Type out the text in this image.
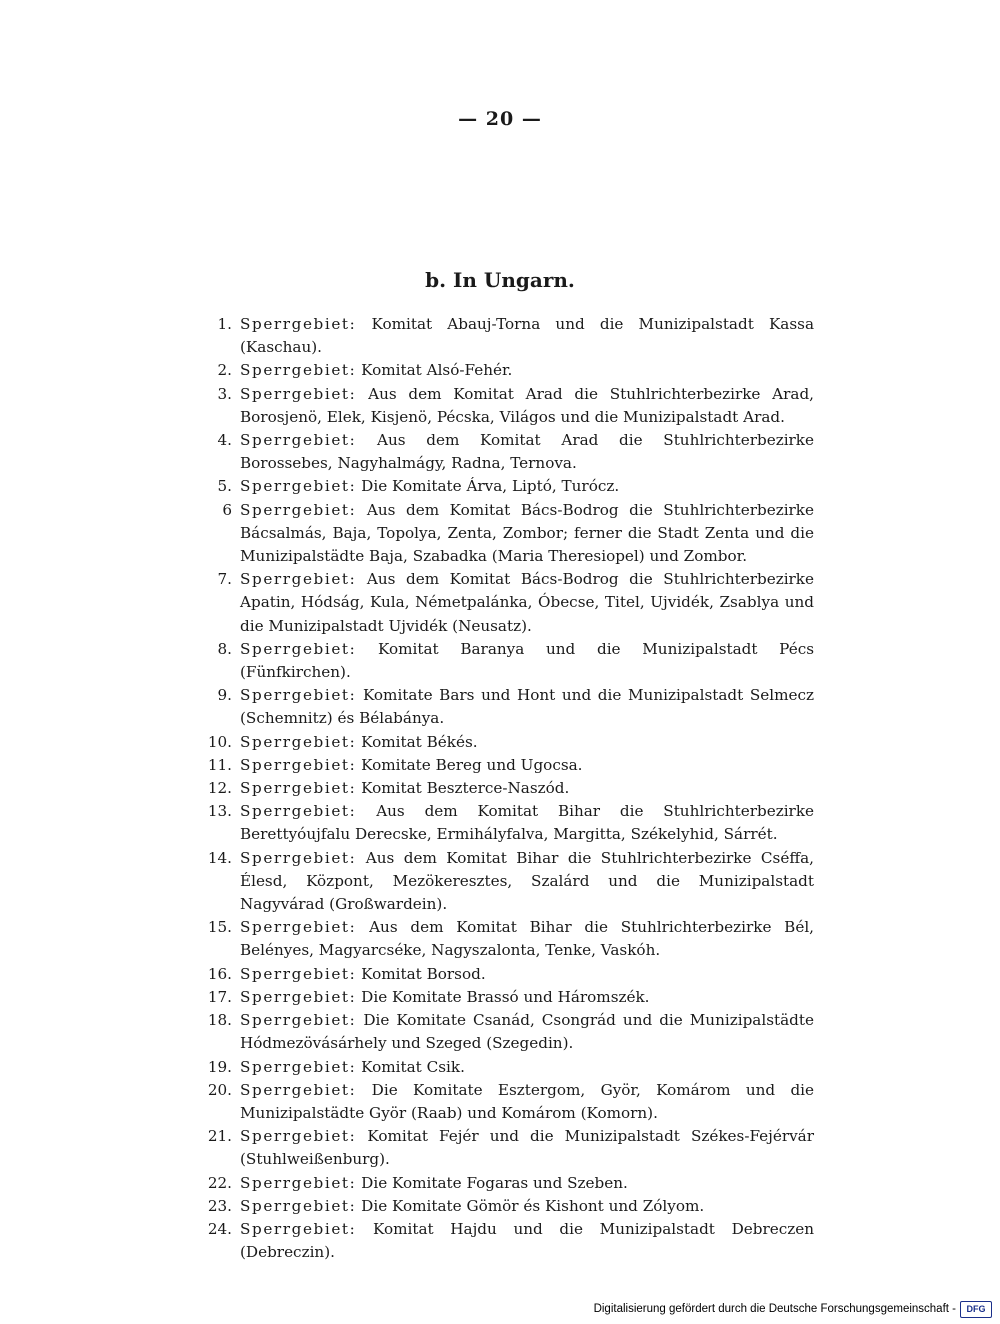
— 20 —
b. In Ungarn.
1. Sperrgebiet: Komitat Abauj-Torna und die Munizipalstadt Kassa (Kaschau).
2. Sperrgebiet: Komitat Alsó-Fehér.
3. Sperrgebiet: Aus dem Komitat Arad die Stuhlrichterbezirke Arad, Borosjenö, Elek, Kisjenö, Pécska, Világos und die Munizipalstadt Arad.
4. Sperrgebiet: Aus dem Komitat Arad die Stuhlrichterbezirke Borossebes, Nagyhalmágy, Radna, Ternova.
5. Sperrgebiet: Die Komitate Árva, Liptó, Turócz.
6 Sperrgebiet: Aus dem Komitat Bács-Bodrog die Stuhlrichterbezirke Bácsalmás, Baja, Topolya, Zenta, Zombor; ferner die Stadt Zenta und die Munizipalstädte Baja, Szabadka (Maria Theresiopel) und Zombor.
7. Sperrgebiet: Aus dem Komitat Bács-Bodrog die Stuhlrichterbezirke Apatin, Hódság, Kula, Németpalánka, Óbecse, Titel, Ujvidék, Zsablya und die Munizipalstadt Ujvidék (Neusatz).
8. Sperrgebiet: Komitat Baranya und die Munizipalstadt Pécs (Fünfkirchen).
9. Sperrgebiet: Komitate Bars und Hont und die Munizipalstadt Selmecz (Schemnitz) és Bélabánya.
10. Sperrgebiet: Komitat Békés.
11. Sperrgebiet: Komitate Bereg und Ugocsa.
12. Sperrgebiet: Komitat Beszterce-Naszód.
13. Sperrgebiet: Aus dem Komitat Bihar die Stuhlrichterbezirke Berettyóujfalu Derecske, Ermihályfalva, Margitta, Székelyhid, Sárrét.
14. Sperrgebiet: Aus dem Komitat Bihar die Stuhlrichterbezirke Cséffa, Élesd, Központ, Mezökeresztes, Szalárd und die Munizipalstadt Nagyvárad (Großwardein).
15. Sperrgebiet: Aus dem Komitat Bihar die Stuhlrichterbezirke Bél, Belényes, Magyarcséke, Nagyszalonta, Tenke, Vaskóh.
16. Sperrgebiet: Komitat Borsod.
17. Sperrgebiet: Die Komitate Brassó und Háromszék.
18. Sperrgebiet: Die Komitate Csanád, Csongrád und die Munizipalstädte Hódmezövásárhely und Szeged (Szegedin).
19. Sperrgebiet: Komitat Csik.
20. Sperrgebiet: Die Komitate Esztergom, Györ, Komárom und die Munizipalstädte Györ (Raab) und Komárom (Komorn).
21. Sperrgebiet: Komitat Fejér und die Munizipalstadt Székes-Fejérvár (Stuhlweißenburg).
22. Sperrgebiet: Die Komitate Fogaras und Szeben.
23. Sperrgebiet: Die Komitate Gömör és Kishont und Zólyom.
24. Sperrgebiet: Komitat Hajdu und die Munizipalstadt Debreczen (Debreczin).
Digitalisierung gefördert durch die Deutsche Forschungsgemeinschaft -	DFG
